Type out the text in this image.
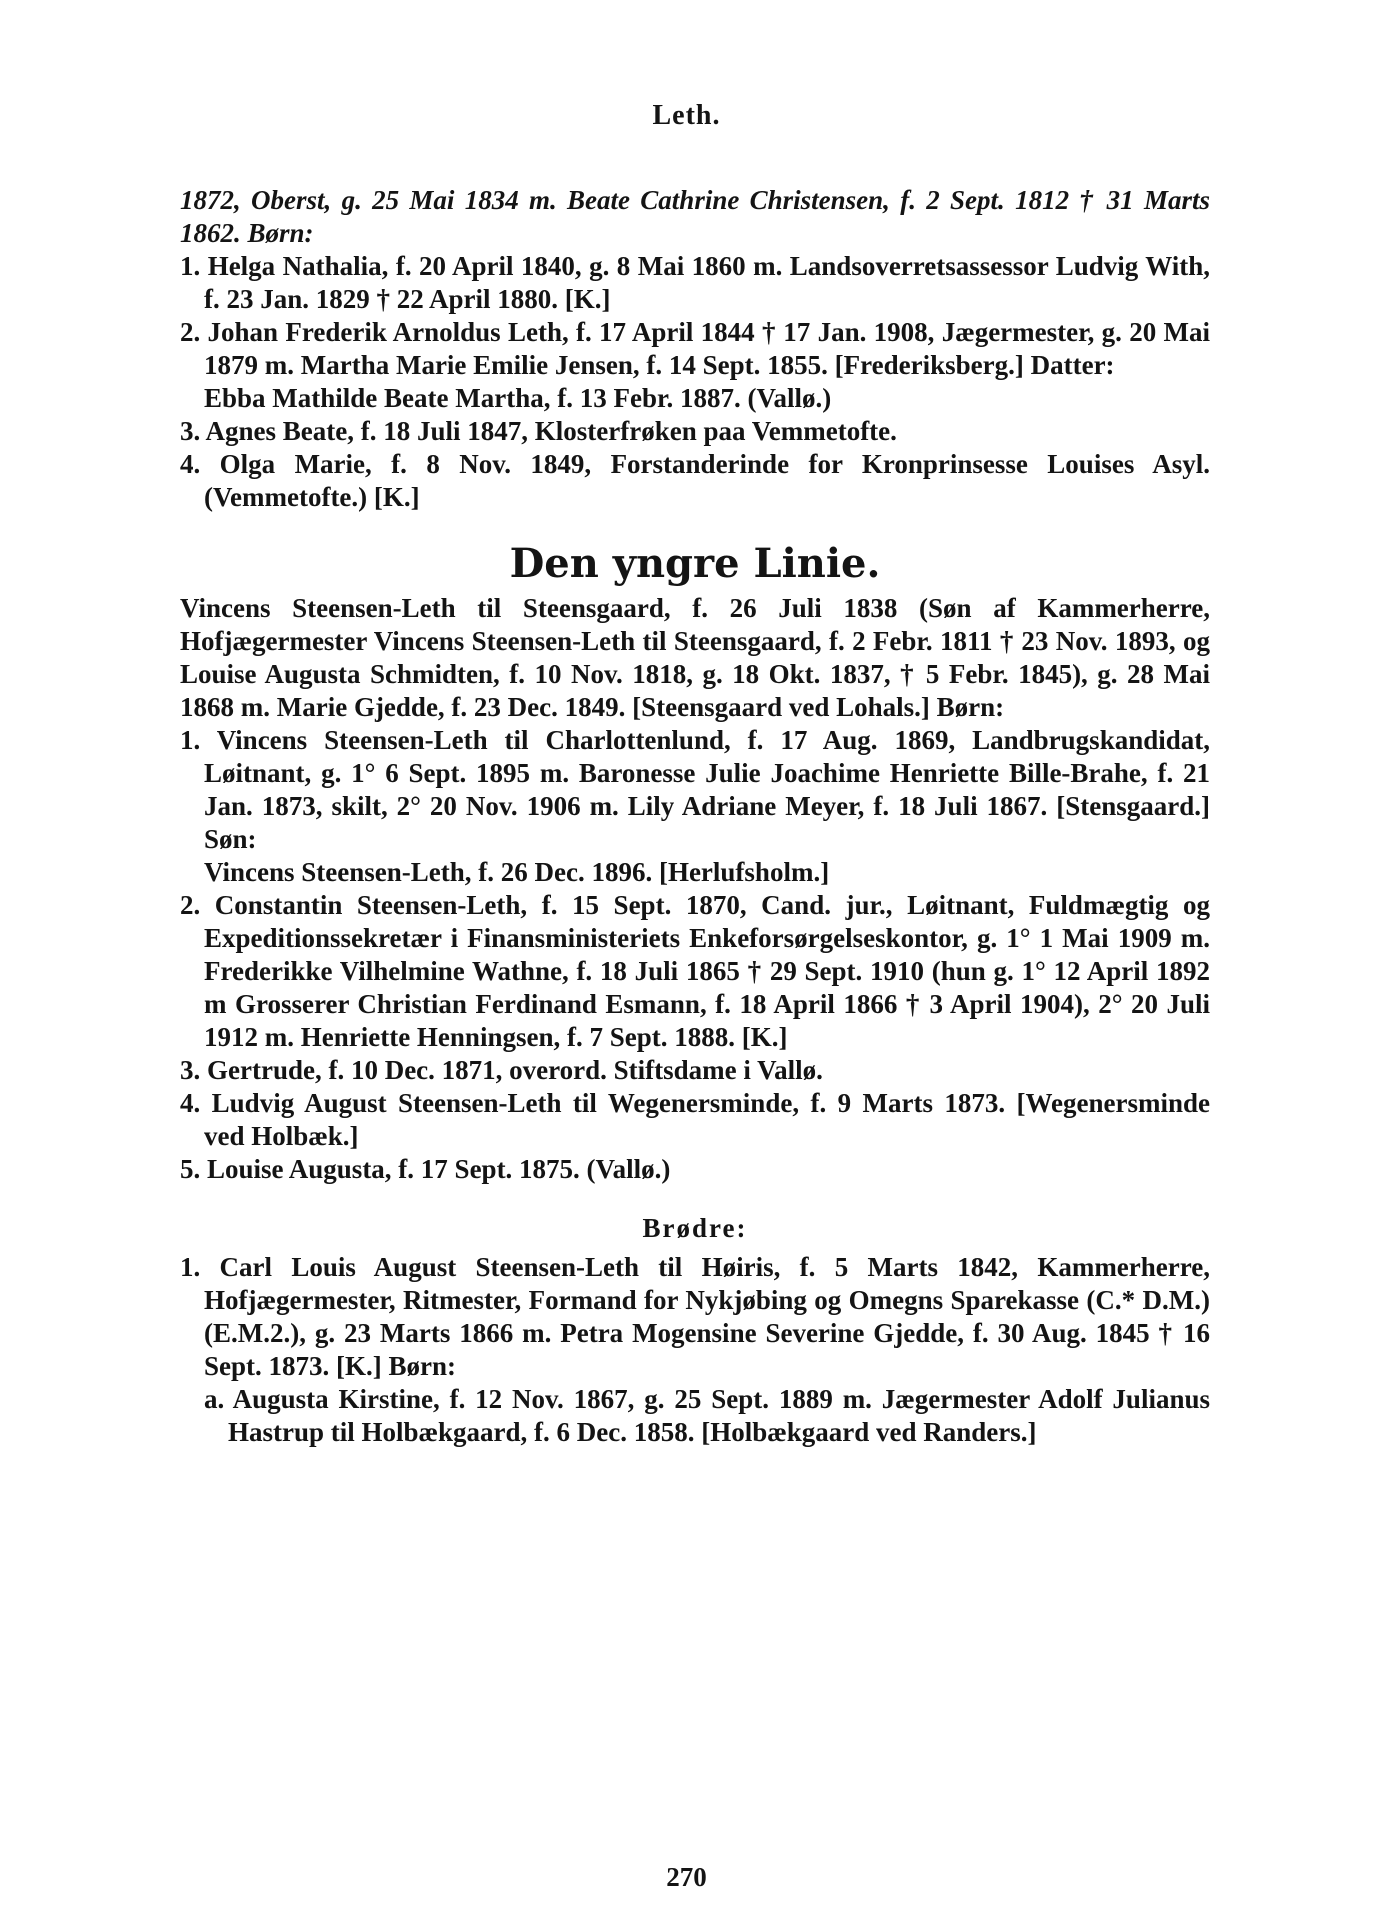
Leth.
1872, Oberst, g. 25 Mai 1834 m. Beate Cathrine Christensen, f. 2 Sept. 1812 † 31 Marts 1862. Børn:
1. Helga Nathalia, f. 20 April 1840, g. 8 Mai 1860 m. Landsoverretsassessor Ludvig With, f. 23 Jan. 1829 † 22 April 1880. [K.]
2. Johan Frederik Arnoldus Leth, f. 17 April 1844 † 17 Jan. 1908, Jægermester, g. 20 Mai 1879 m. Martha Marie Emilie Jensen, f. 14 Sept. 1855. [Frederiksberg.] Datter:
Ebba Mathilde Beate Martha, f. 13 Febr. 1887. (Vallø.)
3. Agnes Beate, f. 18 Juli 1847, Klosterfrøken paa Vemmetofte.
4. Olga Marie, f. 8 Nov. 1849, Forstanderinde for Kronprinsesse Louises Asyl. (Vemmetofte.) [K.]
Den yngre Linie.
Vincens Steensen-Leth til Steensgaard, f. 26 Juli 1838 (Søn af Kammerherre, Hofjægermester Vincens Steensen-Leth til Steensgaard, f. 2 Febr. 1811 † 23 Nov. 1893, og Louise Augusta Schmidten, f. 10 Nov. 1818, g. 18 Okt. 1837, † 5 Febr. 1845), g. 28 Mai 1868 m. Marie Gjedde, f. 23 Dec. 1849. [Steensgaard ved Lohals.] Børn:
1. Vincens Steensen-Leth til Charlottenlund, f. 17 Aug. 1869, Landbrugskandidat, Løitnant, g. 1° 6 Sept. 1895 m. Baronesse Julie Joachime Henriette Bille-Brahe, f. 21 Jan. 1873, skilt, 2° 20 Nov. 1906 m. Lily Adriane Meyer, f. 18 Juli 1867. [Stensgaard.] Søn:
Vincens Steensen-Leth, f. 26 Dec. 1896. [Herlufsholm.]
2. Constantin Steensen-Leth, f. 15 Sept. 1870, Cand. jur., Løitnant, Fuldmægtig og Expeditionssekretær i Finansministeriets Enkeforsørgelseskontor, g. 1° 1 Mai 1909 m. Frederikke Vilhelmine Wathne, f. 18 Juli 1865 † 29 Sept. 1910 (hun g. 1° 12 April 1892 m Grosserer Christian Ferdinand Esmann, f. 18 April 1866 † 3 April 1904), 2° 20 Juli 1912 m. Henriette Henningsen, f. 7 Sept. 1888. [K.]
3. Gertrude, f. 10 Dec. 1871, overord. Stiftsdame i Vallø.
4. Ludvig August Steensen-Leth til Wegenersminde, f. 9 Marts 1873. [Wegenersminde ved Holbæk.]
5. Louise Augusta, f. 17 Sept. 1875. (Vallø.)
Brødre:
1. Carl Louis August Steensen-Leth til Høiris, f. 5 Marts 1842, Kammerherre, Hofjægermester, Ritmester, Formand for Nykjøbing og Omegns Sparekasse (C.* D.M.) (E.M.2.), g. 23 Marts 1866 m. Petra Mogensine Severine Gjedde, f. 30 Aug. 1845 † 16 Sept. 1873. [K.] Børn:
a. Augusta Kirstine, f. 12 Nov. 1867, g. 25 Sept. 1889 m. Jægermester Adolf Julianus Hastrup til Holbækgaard, f. 6 Dec. 1858. [Holbækgaard ved Randers.]
270
